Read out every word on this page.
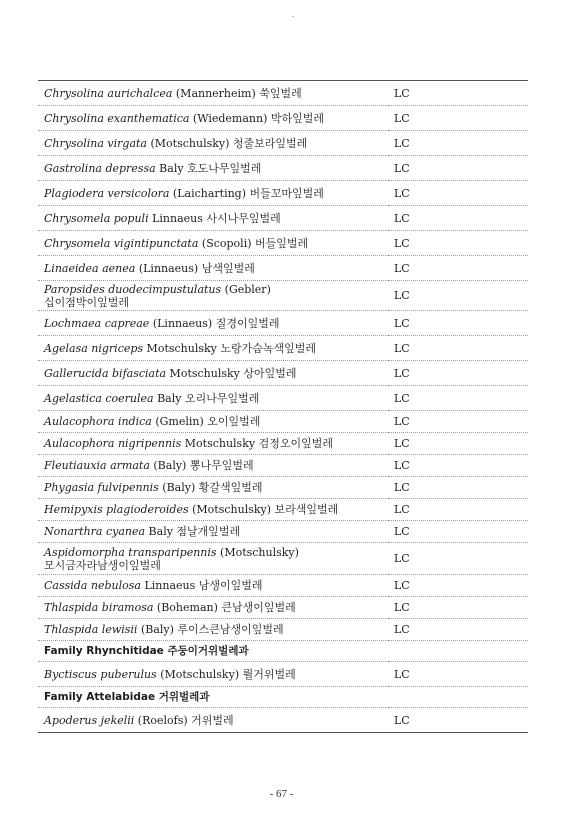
Chrysolina aurichalcea (Mannerheim) 쑥잎벌레	LC
Chrysolina exanthematica (Wiedemann) 박하잎벌레	LC
Chrysolina virgata (Motschulsky) 청줄보라잎벌레	LC
Gastrolina depressa Baly 호도나무잎벌레	LC
Plagiodera versicolora (Laicharting) 버들꼬마잎벌레	LC
Chrysomela populi Linnaeus 사시나무잎벌레	LC
Chrysomela vigintipunctata (Scopoli) 버들잎벌레	LC
Linaeidea aenea (Linnaeus) 남색잎벌레	LC
Paropsides duodecimpustulatus (Gebler)
십이점박이잎벌레	LC
Lochmaea capreae (Linnaeus) 질경이잎벌레	LC
Agelasa nigriceps Motschulsky 노랑가슴녹색잎벌레	LC
Gallerucida bifasciata Motschulsky 상아잎벌레	LC
Agelastica coerulea Baly 오리나무잎벌레	LC
Aulacophora indica (Gmelin) 오이잎벌레	LC
Aulacophora nigripennis Motschulsky 검정오이잎벌레	LC
Fleutiauxia armata (Baly) 뽕나무잎벌레	LC
Phygasia fulvipennis (Baly) 황갈색잎벌레	LC
Hemipyxis plagioderoides (Motschulsky) 보라색잎벌레	LC
Nonarthra cyanea Baly 점날개잎벌레	LC
Aspidomorpha transparipennis (Motschulsky)
모시금자라남생이잎벌레	LC
Cassida nebulosa Linnaeus 남생이잎벌레	LC
Thlaspida biramosa (Boheman) 큰남생이잎벌레	LC
Thlaspida lewisii (Baly) 루이스큰남생이잎벌레	LC
Family Rhynchitidae 주둥이거위벌레과	
Byctiscus puberulus (Motschulsky) 륄거위벌레	LC
Family Attelabidae 거위벌레과	
Apoderus jekelii (Roelofs) 거위벌레	LC
- 67 -
